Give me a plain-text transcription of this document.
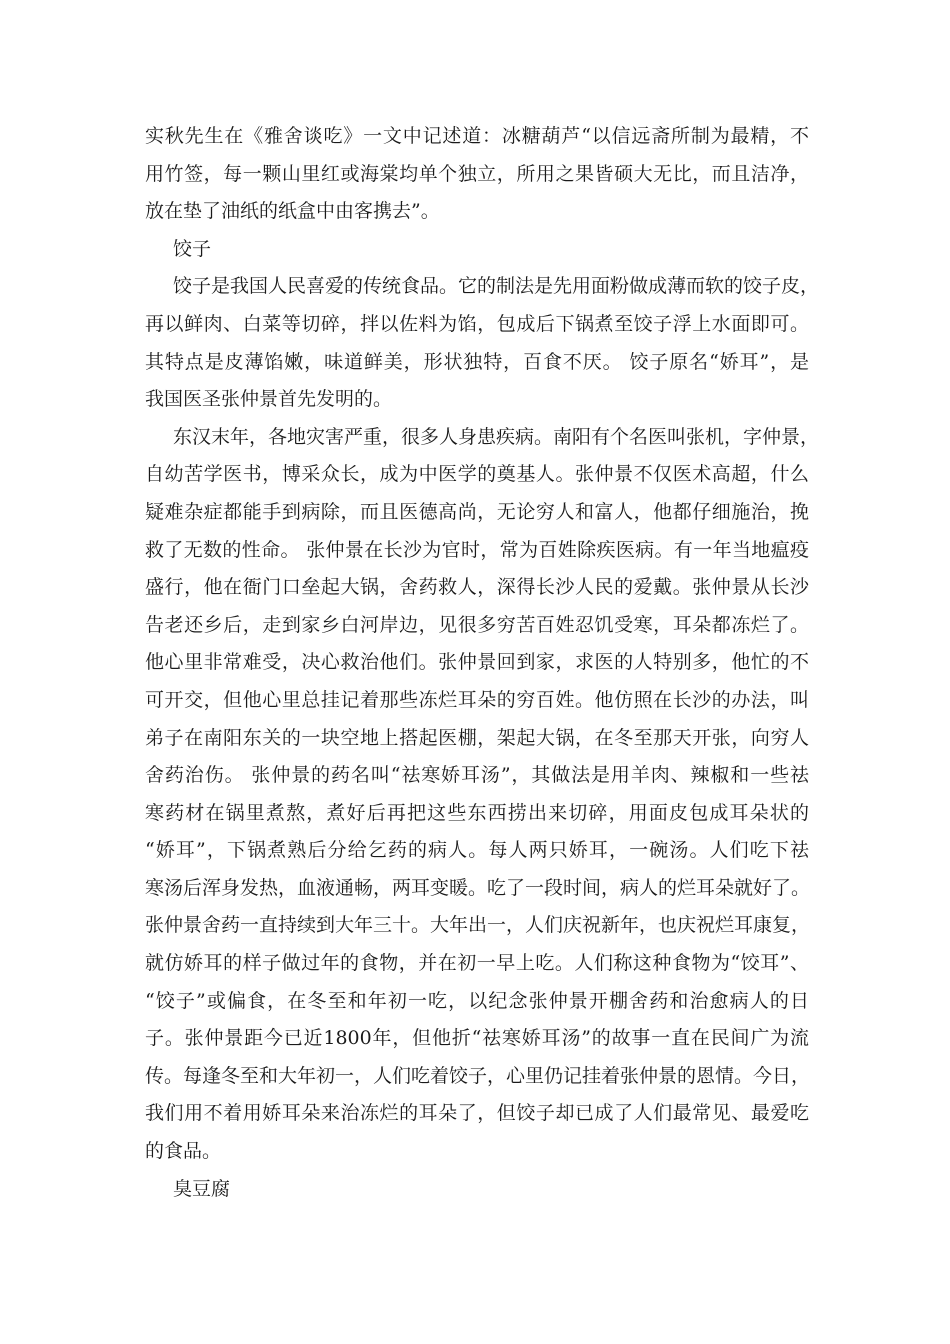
实秋先生在《雅舍谈吃》一文中记述道：冰糖葫芦“以信远斋所制为最精，不
用竹签，每一颗山里红或海棠均单个独立，所用之果皆硕大无比，而且洁净，
放在垫了油纸的纸盒中由客携去”。
饺子
饺子是我国人民喜爱的传统食品。它的制法是先用面粉做成薄而软的饺子皮，
再以鲜肉、白菜等切碎，拌以佐料为馅，包成后下锅煮至饺子浮上水面即可。
其特点是皮薄馅嫩，味道鲜美，形状独特，百食不厌。 饺子原名“娇耳”，是
我国医圣张仲景首先发明的。
东汉末年，各地灾害严重，很多人身患疾病。南阳有个名医叫张机，字仲景，
自幼苦学医书，博采众长，成为中医学的奠基人。张仲景不仅医术高超，什么
疑难杂症都能手到病除，而且医德高尚，无论穷人和富人，他都仔细施治，挽
救了无数的性命。 张仲景在长沙为官时，常为百姓除疾医病。有一年当地瘟疫
盛行，他在衙门口垒起大锅，舍药救人，深得长沙人民的爱戴。张仲景从长沙
告老还乡后，走到家乡白河岸边，见很多穷苦百姓忍饥受寒，耳朵都冻烂了。
他心里非常难受，决心救治他们。张仲景回到家，求医的人特别多，他忙的不
可开交，但他心里总挂记着那些冻烂耳朵的穷百姓。他仿照在长沙的办法，叫
弟子在南阳东关的一块空地上搭起医棚，架起大锅，在冬至那天开张，向穷人
舍药治伤。 张仲景的药名叫“祛寒娇耳汤”，其做法是用羊肉、辣椒和一些祛
寒药材在锅里煮熬，煮好后再把这些东西捞出来切碎，用面皮包成耳朵状的
“娇耳”，下锅煮熟后分给乞药的病人。每人两只娇耳，一碗汤。人们吃下祛
寒汤后浑身发热，血液通畅，两耳变暖。吃了一段时间，病人的烂耳朵就好了。
张仲景舍药一直持续到大年三十。大年出一，人们庆祝新年，也庆祝烂耳康复，
就仿娇耳的样子做过年的食物，并在初一早上吃。人们称这种食物为“饺耳”、
“饺子”或偏食，在冬至和年初一吃，以纪念张仲景开棚舍药和治愈病人的日
子。张仲景距今已近1800年，但他折“祛寒娇耳汤”的故事一直在民间广为流
传。每逢冬至和大年初一，人们吃着饺子，心里仍记挂着张仲景的恩情。今日，
我们用不着用娇耳朵来治冻烂的耳朵了，但饺子却已成了人们最常见、最爱吃
的食品。
臭豆腐
